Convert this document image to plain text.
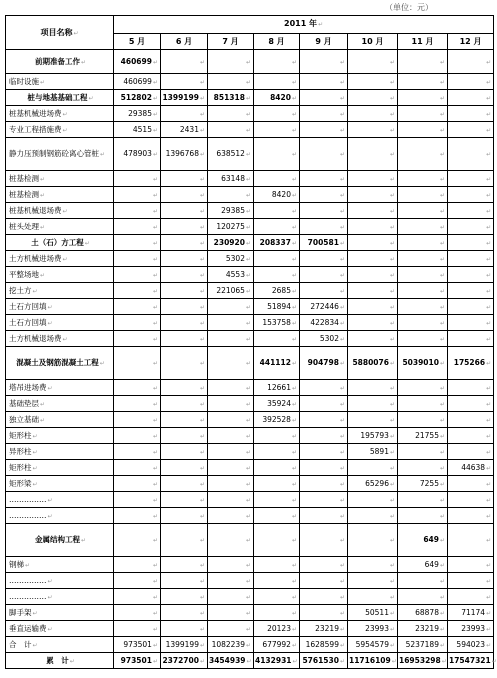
（单位：元）
项目名称↵	2011 年↵							
	5 月	6 月	7 月	8 月	9 月	10 月	11 月	12 月
前期准备工作↵	460699↵	↵	↵	↵	↵	↵	↵	↵
临时设施↵	460699↵	↵	↵	↵	↵	↵	↵	↵
桩与地基基础工程↵	512802↵	1399199↵	851318↵	8420↵	↵	↵	↵	↵
桩基机械进场费↵	29385↵	↵	↵	↵	↵	↵	↵	↵
专业工程措施费↵	4515↵	2431↵	↵	↵	↵	↵	↵	↵
静力压预制钢筋砼离心管桩↵	478903↵	1396768↵	638512↵	↵	↵	↵	↵	↵
桩基检测↵	↵	↵	63148↵	↵	↵	↵	↵	↵
桩基检测↵	↵	↵	↵	8420↵	↵	↵	↵	↵
桩基机械退场费↵	↵	↵	29385↵	↵	↵	↵	↵	↵
桩头处理↵	↵	↵	120275↵	↵	↵	↵	↵	↵
土（石）方工程↵	↵	↵	230920↵	208337↵	700581↵	↵	↵	↵
土方机械进场费↵	↵	↵	5302↵	↵	↵	↵	↵	↵
平整场地↵	↵	↵	4553↵	↵	↵	↵	↵	↵
挖土方↵	↵	↵	221065↵	2685↵	↵	↵	↵	↵
土石方回填↵	↵	↵	↵	51894↵	272446↵	↵	↵	↵
土石方回填↵	↵	↵	↵	153758↵	422834↵	↵	↵	↵
土方机械退场费↵	↵	↵	↵	↵	5302↵	↵	↵	↵
混凝土及钢筋混凝土工程↵	↵	↵	↵	441112↵	904798↵	5880076↵	5039010↵	175266↵
塔吊进场费↵	↵	↵	↵	12661↵	↵	↵	↵	↵
基础垫层↵	↵	↵	↵	35924↵	↵	↵	↵	↵
独立基础↵	↵	↵	↵	392528↵	↵	↵	↵	↵
矩形柱↵	↵	↵	↵	↵	↵	195793↵	21755↵	↵
异形柱↵	↵	↵	↵	↵	↵	5891↵	↵	↵
矩形柱↵	↵	↵	↵	↵	↵	↵	↵	44638↵
矩形梁↵	↵	↵	↵	↵	↵	65296↵	7255↵	↵
……………↵	↵	↵	↵	↵	↵	↵	↵	↵
……………↵	↵	↵	↵	↵	↵	↵	↵	↵
金属结构工程↵	↵	↵	↵	↵	↵	↵	649↵	↵
钢梯↵	↵	↵	↵	↵	↵	↵	649↵	↵
……………↵	↵	↵	↵	↵	↵	↵	↵	↵
……………↵	↵	↵	↵	↵	↵	↵	↵	↵
脚手架↵	↵	↵	↵	↵	↵	50511↵	68878↵	71174↵
垂直运输费↵	↵	↵	↵	20123↵	23219↵	23993↵	23219↵	23993↵
合　计↵	973501↵	1399199↵	1082239↵	677992↵	1628599↵	5954579↵	5237189↵	594023↵
累　计↵	973501↵	2372700↵	3454939↵	4132931↵	5761530↵	11716109↵	16953298↵	17547321↵
